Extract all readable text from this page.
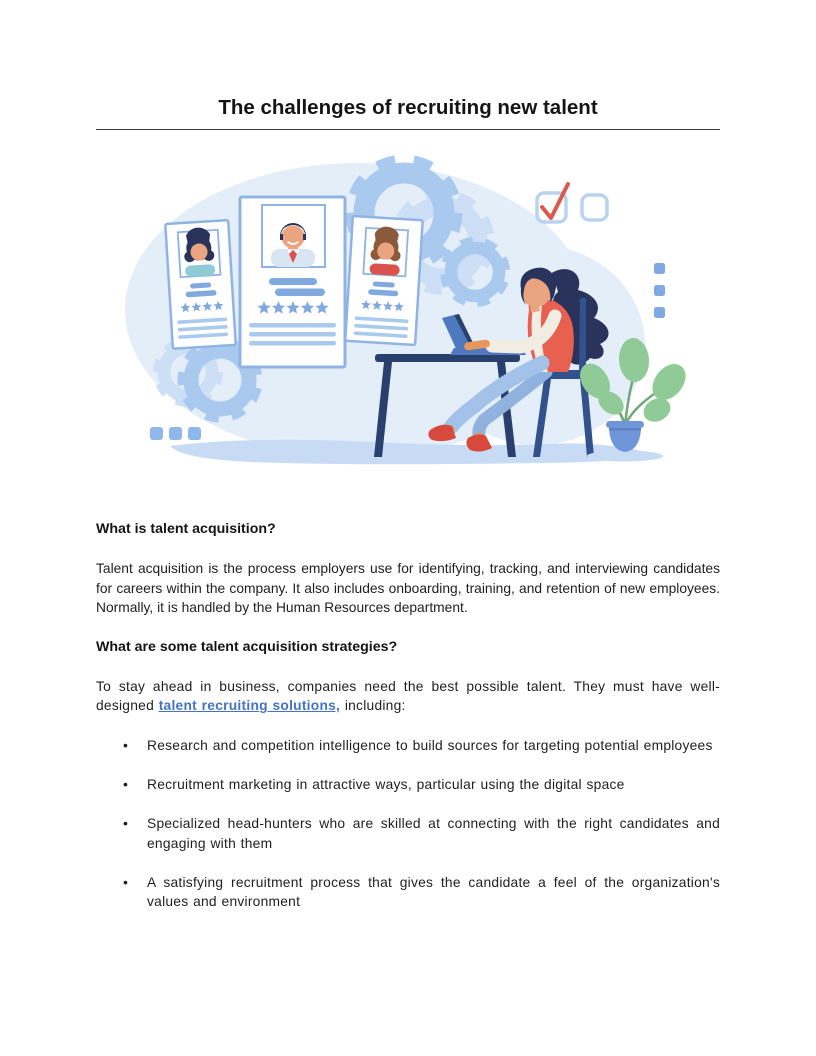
The challenges of recruiting new talent
What is talent acquisition?

Talent acquisition is the process employers use for identifying, tracking, and interviewing candidates for careers within the company. It also includes onboarding, training, and retention of new employees. Normally, it is handled by the Human Resources department.

What are some talent acquisition strategies?

To stay ahead in business, companies need the best possible talent. They must have well-designed talent recruiting solutions, including:

• Research and competition intelligence to build sources for targeting potential employees
• Recruitment marketing in attractive ways, particular using the digital space
• Specialized head-hunters who are skilled at connecting with the right candidates and engaging with them
• A satisfying recruitment process that gives the candidate a feel of the organization's values and environment
